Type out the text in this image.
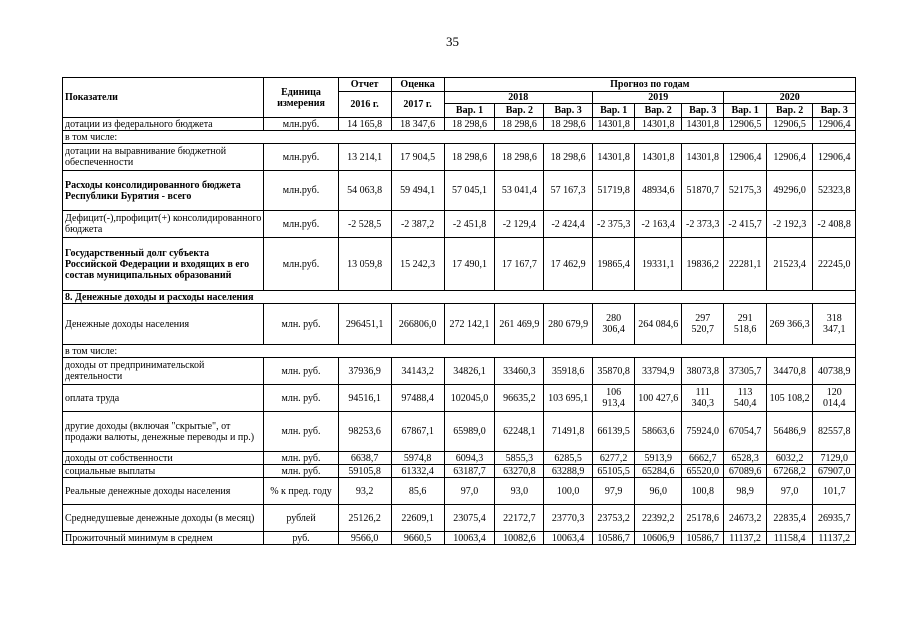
35
Показатели	Единица измерения	Отчет	Оценка	Прогноз по годам								
		2016 г.	2017 г.	2018			2019			2020		
				Вар. 1	Вар. 2	Вар. 3	Вар. 1	Вар. 2	Вар. 3	Вар. 1	Вар. 2	Вар. 3
дотации из федерального бюджета	млн.руб.	14 165,8	18 347,6	18 298,6	18 298,6	18 298,6	14301,8	14301,8	14301,8	12906,5	12906,5	12906,4
в том числе:												
дотации на выравнивание бюджетной обеспеченности	млн.руб.	13 214,1	17 904,5	18 298,6	18 298,6	18 298,6	14301,8	14301,8	14301,8	12906,4	12906,4	12906,4
Расходы консолидированного бюджета Республики Бурятия - всего	млн.руб.	54 063,8	59 494,1	57 045,1	53 041,4	57 167,3	51719,8	48934,6	51870,7	52175,3	49296,0	52323,8
Дефицит(-),профицит(+) консолидированного бюджета	млн.руб.	-2 528,5	-2 387,2	-2 451,8	-2 129,4	-2 424,4	-2 375,3	-2 163,4	-2 373,3	-2 415,7	-2 192,3	-2 408,8
Государственный долг субъекта Российской Федерации и входящих в его состав муниципальных образований	млн.руб.	13 059,8	15 242,3	17 490,1	17 167,7	17 462,9	19865,4	19331,1	19836,2	22281,1	21523,4	22245,0
8. Денежные доходы и расходы населения												
Денежные доходы населения	млн. руб.	296451,1	266806,0	272 142,1	261 469,9	280 679,9	280 306,4	264 084,6	297 520,7	291 518,6	269 366,3	318 347,1
в том числе:												
доходы от предпринимательской деятельности	млн. руб.	37936,9	34143,2	34826,1	33460,3	35918,6	35870,8	33794,9	38073,8	37305,7	34470,8	40738,9
оплата труда	млн. руб.	94516,1	97488,4	102045,0	96635,2	103 695,1	106 913,4	100 427,6	111 340,3	113 540,4	105 108,2	120 014,4
другие доходы (включая "скрытые", от продажи валюты, денежные переводы и пр.)	млн. руб.	98253,6	67867,1	65989,0	62248,1	71491,8	66139,5	58663,6	75924,0	67054,7	56486,9	82557,8
доходы от собственности	млн. руб.	6638,7	5974,8	6094,3	5855,3	6285,5	6277,2	5913,9	6662,7	6528,3	6032,2	7129,0
социальные выплаты	млн. руб.	59105,8	61332,4	63187,7	63270,8	63288,9	65105,5	65284,6	65520,0	67089,6	67268,2	67907,0
Реальные денежные доходы населения	% к пред. году	93,2	85,6	97,0	93,0	100,0	97,9	96,0	100,8	98,9	97,0	101,7
Среднедушевые денежные доходы (в месяц)	рублей	25126,2	22609,1	23075,4	22172,7	23770,3	23753,2	22392,2	25178,6	24673,2	22835,4	26935,7
Прожиточный минимум в среднем	руб.	9566,0	9660,5	10063,4	10082,6	10063,4	10586,7	10606,9	10586,7	11137,2	11158,4	11137,2
